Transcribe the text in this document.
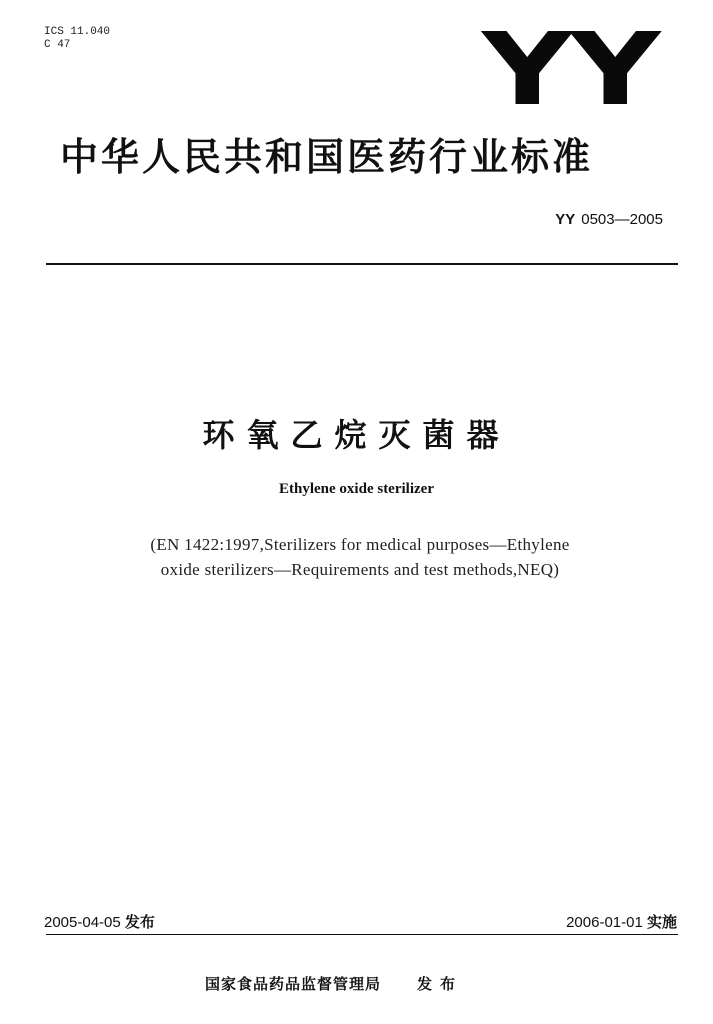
ICS 11.040
C 47	YY
中华人民共和国医药行业标准
YY 0503—2005
环氧乙烷灭菌器
Ethylene oxide sterilizer
(EN 1422:1997,Sterilizers for medical purposes—Ethylene
oxide sterilizers—Requirements and test methods,NEQ)
2005-04-05 发布	2006-01-01 实施
国家食品药品监督管理局 发布
